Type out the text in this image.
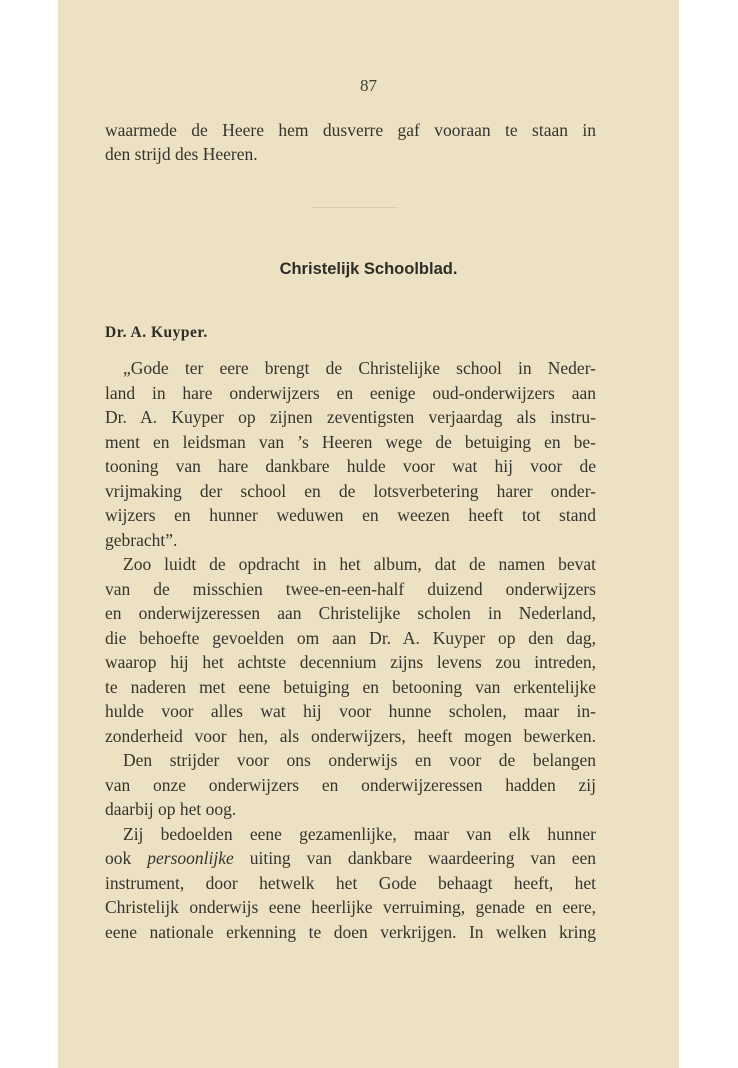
87
waarmede de Heere hem dusverre gaf vooraan te staan in
den strijd des Heeren.
Christelijk Schoolblad.
Dr. A. Kuyper.
„Gode ter eere brengt de Christelijke school in Neder-
land in hare onderwijzers en eenige oud-onderwijzers aan
Dr. A. Kuyper op zijnen zeventigsten verjaardag als instru-
ment en leidsman van ’s Heeren wege de betuiging en be-
tooning van hare dankbare hulde voor wat hij voor de
vrijmaking der school en de lotsverbetering harer onder-
wijzers en hunner weduwen en weezen heeft tot stand
gebracht”.
Zoo luidt de opdracht in het album, dat de namen bevat
van de misschien twee-en-een-half duizend onderwijzers
en onderwijzeressen aan Christelijke scholen in Nederland,
die behoefte gevoelden om aan Dr. A. Kuyper op den dag,
waarop hij het achtste decennium zijns levens zou intreden,
te naderen met eene betuiging en betooning van erkentelijke
hulde voor alles wat hij voor hunne scholen, maar in-
zonderheid voor hen, als onderwijzers, heeft mogen bewerken.
Den strijder voor ons onderwijs en voor de belangen
van onze onderwijzers en onderwijzeressen hadden zij
daarbij op het oog.
Zij bedoelden eene gezamenlijke, maar van elk hunner
ook persoonlijke uiting van dankbare waardeering van een
instrument, door hetwelk het Gode behaagt heeft, het
Christelijk onderwijs eene heerlijke verruiming, genade en eere,
eene nationale erkenning te doen verkrijgen. In welken kring
